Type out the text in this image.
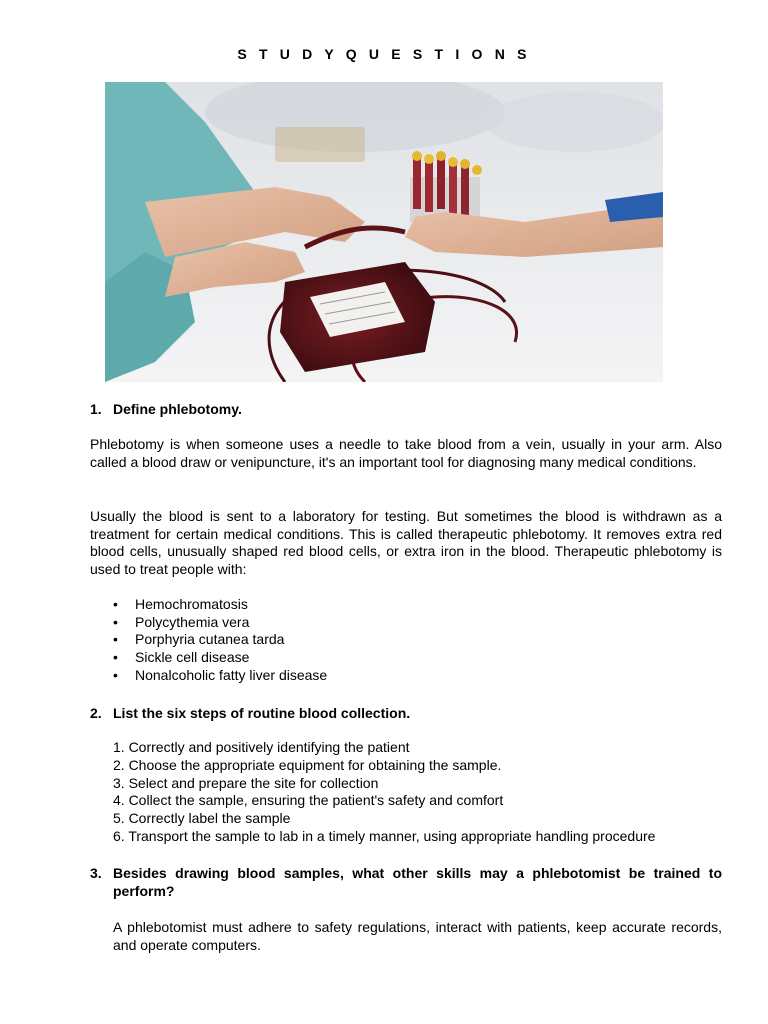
S T U D Y Q U E S T I O N S
1. Define phlebotomy.
Phlebotomy is when someone uses a needle to take blood from a vein, usually in your arm. Also called a blood draw or venipuncture, it's an important tool for diagnosing many medical conditions.
Usually the blood is sent to a laboratory for testing. But sometimes the blood is withdrawn as a treatment for certain medical conditions. This is called therapeutic phlebotomy. It removes extra red blood cells, unusually shaped red blood cells, or extra iron in the blood. Therapeutic phlebotomy is used to treat people with:
• Hemochromatosis
• Polycythemia vera
• Porphyria cutanea tarda
• Sickle cell disease
• Nonalcoholic fatty liver disease
2. List the six steps of routine blood collection.
1. Correctly and positively identifying the patient
2. Choose the appropriate equipment for obtaining the sample.
3. Select and prepare the site for collection
4. Collect the sample, ensuring the patient's safety and comfort
5. Correctly label the sample
6. Transport the sample to lab in a timely manner, using appropriate handling procedure
3. Besides drawing blood samples, what other skills may a phlebotomist be trained to perform?
A phlebotomist must adhere to safety regulations, interact with patients, keep accurate records, and operate computers.
